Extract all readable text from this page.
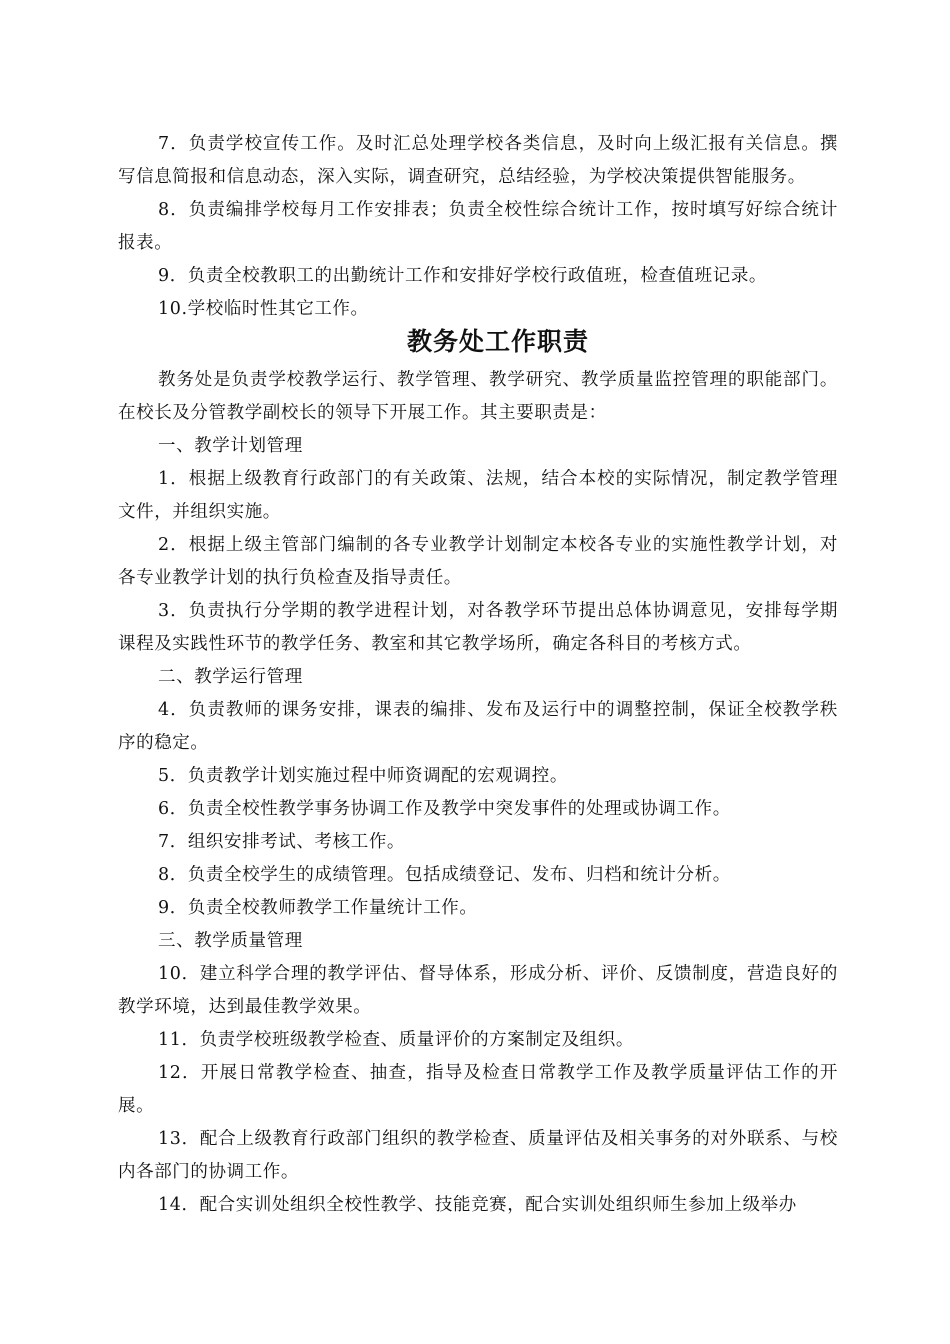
7．负责学校宣传工作。及时汇总处理学校各类信息，及时向上级汇报有关信息。撰写信息简报和信息动态，深入实际，调查研究，总结经验，为学校决策提供智能服务。

8．负责编排学校每月工作安排表；负责全校性综合统计工作，按时填写好综合统计报表。

9．负责全校教职工的出勤统计工作和安排好学校行政值班，检查值班记录。

10.学校临时性其它工作。

教务处工作职责

教务处是负责学校教学运行、教学管理、教学研究、教学质量监控管理的职能部门。在校长及分管教学副校长的领导下开展工作。其主要职责是：

一、教学计划管理

1．根据上级教育行政部门的有关政策、法规，结合本校的实际情况，制定教学管理文件，并组织实施。

2．根据上级主管部门编制的各专业教学计划制定本校各专业的实施性教学计划，对各专业教学计划的执行负检查及指导责任。

3．负责执行分学期的教学进程计划，对各教学环节提出总体协调意见，安排每学期课程及实践性环节的教学任务、教室和其它教学场所，确定各科目的考核方式。

二、教学运行管理

4．负责教师的课务安排，课表的编排、发布及运行中的调整控制，保证全校教学秩序的稳定。

5．负责教学计划实施过程中师资调配的宏观调控。

6．负责全校性教学事务协调工作及教学中突发事件的处理或协调工作。

7．组织安排考试、考核工作。

8．负责全校学生的成绩管理。包括成绩登记、发布、归档和统计分析。

9．负责全校教师教学工作量统计工作。

三、教学质量管理

10．建立科学合理的教学评估、督导体系，形成分析、评价、反馈制度，营造良好的教学环境，达到最佳教学效果。

11．负责学校班级教学检查、质量评价的方案制定及组织。

12．开展日常教学检查、抽查，指导及检查日常教学工作及教学质量评估工作的开展。

13．配合上级教育行政部门组织的教学检查、质量评估及相关事务的对外联系、与校内各部门的协调工作。

14．配合实训处组织全校性教学、技能竞赛，配合实训处组织师生参加上级举办
